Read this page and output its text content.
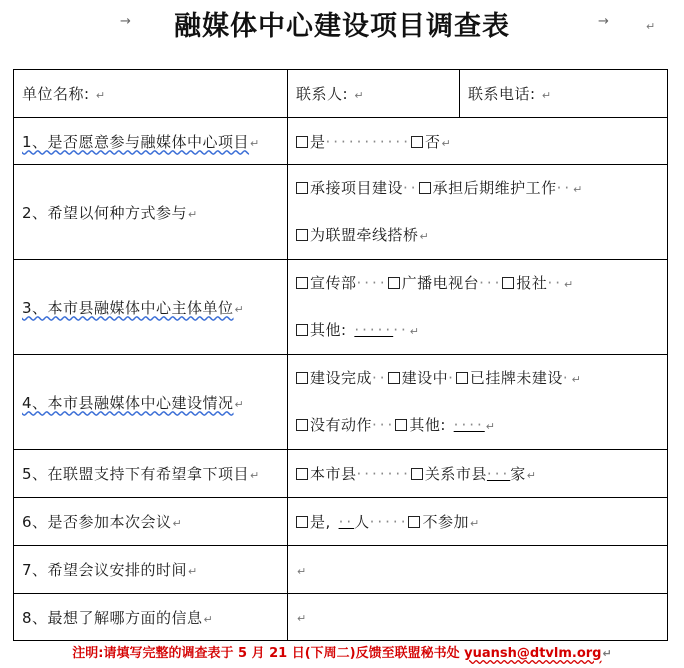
→	融媒体中心建设项目调查表	→	↵
单位名称: ↵	联系人: ↵	联系电话: ↵
1、是否愿意参与融媒体中心项目↵	是··········· 否↵	
2、希望以何种方式参与↵	承接项目建设·· 承担后期维护工作··↵
为联盟牵线搭桥↵	

3、本市县融媒体中心主体单位↵	宣传部···· 广播电视台··· 报社··↵
其他: ·······↵	

4、本市县融媒体中心建设情况↵	建设完成·· 建设中· 已挂牌未建设·↵
没有动作··· 其他: ····↵	

5、在联盟支持下有希望拿下项目↵	本市县······· 关系市县···家↵	
6、是否参加本次会议↵	是, ··人····· 不参加↵	
7、希望会议安排的时间↵	↵	
8、最想了解哪方面的信息↵	↵	
注明:请填写完整的调查表于 5 月 21 日(下周二)反馈至联盟秘书处 yuansh@dtvlm.org↵
